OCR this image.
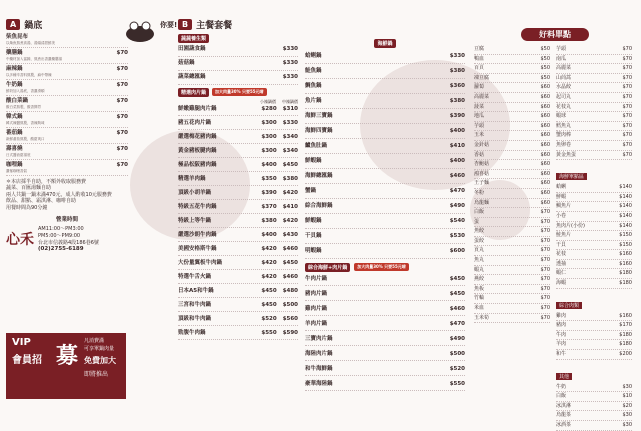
A 鍋底
柴魚昆布
以柴魚熬煮高湯，湯頭清甜鮮美
藥膳鍋	$70
中藥材加入當歸，熬煮出香濃藥膳湯
麻辣鍋	$70
以多種辛香料熬製，麻中帶辣
牛奶鍋	$70
鮮奶加入湯底，香濃滑順
酸白菜鍋	$70
酸白菜熬製，酸香開胃
韓式鍋	$70
韓式辣醬熬製，香辣夠味
番茄鍋	$70
新鮮番茄熬製，酸甜爽口
壽喜燒	$70
日式醬油甜湯底
咖哩鍋	$70
濃郁咖哩香氣
＊本店採半自助，不額外收取服務費
蔬菜、百匯湯麵自助
兩人共鍋一鍋未滿470元，成人酌收10元服務費
飲品、甜點、霜淇淋、咖啡自助
用餐時間為90分鐘
營業時間
心禾
AM11:00～PM3:00
PM5:00～PM9:00
台北市信義路4段186巷6號
(02)2755-6189
VIP
會員招 募
凡消費滿
可享單鍋肉量
免費加大
即將推出
B 主餐套餐
蔬蔬養生類
田園蔬食鍋	$330
菇菇鍋	$330
蔬菜總匯鍋	$330
精選肉片鍋	加大肉量30% 只要55元唷
小辣鍋價 中辣鍋價
鮮嫩雞腿肉片鍋	$280 $310
豬五花肉片鍋	$300 $330
嚴選梅花豬肉鍋	$300 $340
黃金豬板腱肉鍋	$300 $340
極品松阪豬肉鍋	$400 $450
精選羊肉鍋	$350 $380
頂級小胡羊鍋	$390 $420
特級五花牛肉鍋	$370 $410
特級上等牛鍋	$380 $420
嚴選沙朗牛肉鍋	$400 $430
美國安格斯牛鍋	$420 $460
大份量翼板牛肉鍋	$420 $450
特選牛舌火鍋	$420 $460
日本A5和牛鍋	$450 $480
三宮和牛肉鍋	$450 $500
頂級和牛肉鍋	$520 $560
勁腹牛肉鍋	$550 $590
你要!
海鮮鍋
蛤蜊鍋	$330
鮭魚鍋	$380
鯛魚鍋	$360
魚片鍋	$380
海鮮三寶鍋	$390
海鮮四寶鍋	$400
鱸魚肚鍋	$410
鮮蝦鍋	$400
海鮮總匯鍋	$460
蟹鍋	$470
綜合海鮮鍋	$490
鮮蝦鍋	$540
干貝鍋	$530
明蝦鍋	$600
綜合海鮮+肉片鍋	加大肉量30% 只要55元唷
牛肉片鍋	$450
豬肉片鍋	$450
雞肉片鍋	$460
羊肉片鍋	$470
三寶肉片鍋	$490
海陸肉片鍋	$500
和牛海鮮鍋	$520
豪華海陸鍋	$550
好料單點
豆腐	$50
鴨血	$50
百頁	$50
凍豆腐	$50
蘿蔔	$60
高麗菜	$60
菠菜	$60
地瓜	$60
芋頭	$60
玉米	$60
金針菇	$60
香菇	$60
杏鮑菇	$60
鴻喜菇	$60
王子麵	$60
冬粉	$60
烏龍麵	$60
白飯	$70
蛋	$70
魚餃	$70
蛋餃	$70
貢丸	$70
魚丸	$70
蝦丸	$70
燕餃	$70
魚板	$70
竹輪	$70
米血	$70
玉米筍	$70
芋頭	$70
南瓜	$70
高麗菜	$70
山茼蒿	$70
水晶餃	$70
起司丸	$70
花枝丸	$70
蝦球	$70
鱈魚丸	$70
蟹肉棒	$70
魚卵卷	$70
黃金魚蛋	$70
海鮮單點區
蛤蜊	$140
鮮蝦	$140
鯛魚片	$140
小卷	$140
魚肉片(小份)	$140
鮭魚片	$150
干貝	$150
花枝	$160
透抽	$160
蝦仁	$180
海蝦	$180
綜合肉類
雞肉	$160
豬肉	$170
牛肉	$180
羊肉	$180
和牛	$200
其他
牛奶	$30
白飯	$10
冰淇淋	$20
烏龍茶	$30
冰酒茶	$30
